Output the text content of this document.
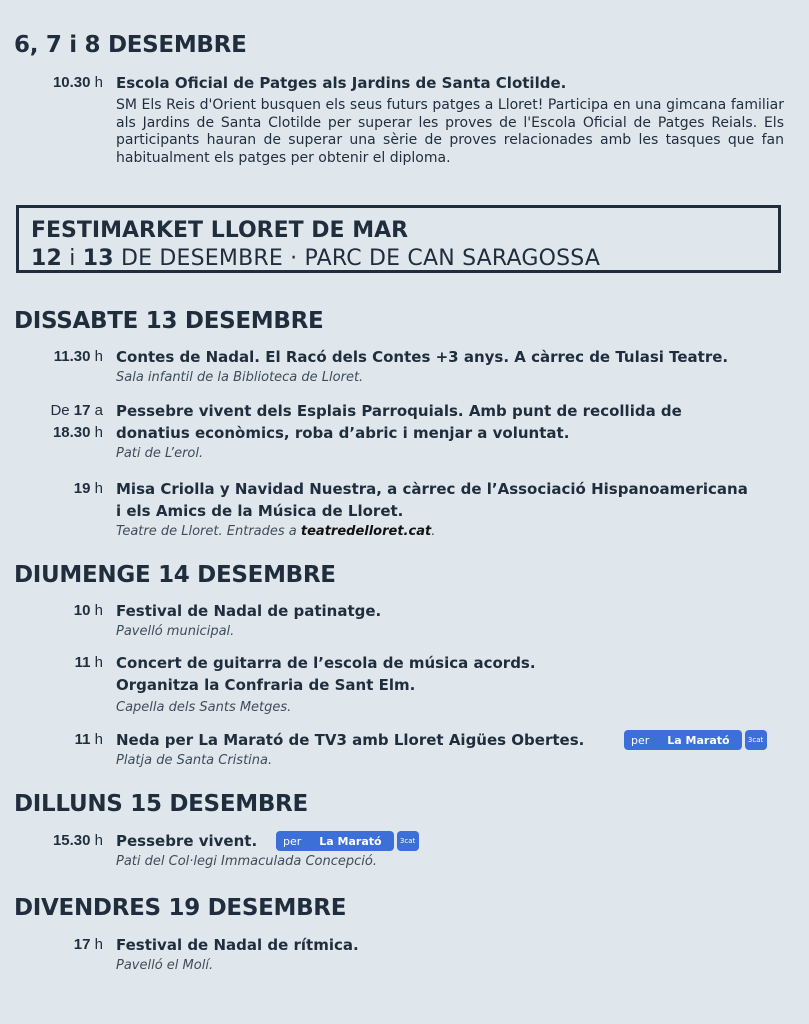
6, 7 i 8 DESEMBRE
10.30 h Escola Oficial de Patges als Jardins de Santa Clotilde.
SM Els Reis d'Orient busquen els seus futurs patges a Lloret! Participa en una gimcana familiar als Jardins de Santa Clotilde per superar les proves de l'Escola Oficial de Patges Reials. Els participants hauran de superar una sèrie de proves relacionades amb les tasques que fan habitualment els patges per obtenir el diploma.
FESTIMARKET LLORET DE MAR
12 i 13 DE DESEMBRE · PARC DE CAN SARAGOSSA
DISSABTE 13 DESEMBRE
11.30 h Contes de Nadal. El Racó dels Contes +3 anys. A càrrec de Tulasi Teatre.
Sala infantil de la Biblioteca de Lloret.
De 17 a
18.30 h
Pessebre vivent dels Esplais Parroquials. Amb punt de recollida de
donatius econòmics, roba d’abric i menjar a voluntat.
Pati de L’erol.
19 h Misa Criolla y Navidad Nuestra, a càrrec de l’Associació Hispanoamericana
i els Amics de la Música de Lloret.
Teatre de Lloret. Entrades a teatredelloret.cat.
DIUMENGE 14 DESEMBRE
10 h Festival de Nadal de patinatge.
Pavelló municipal.
11 h Concert de guitarra de l’escola de música acords.
Organitza la Confraria de Sant Elm.
Capella dels Sants Metges.
11 h Neda per La Marató de TV3 amb Lloret Aigües Obertes.
Platja de Santa Cristina.
per	La Marató	3cat
DILLUNS 15 DESEMBRE
15.30 h Pessebre vivent.
Pati del Col·legi Immaculada Concepció.
per	La Marató	3cat
DIVENDRES 19 DESEMBRE
17 h Festival de Nadal de rítmica.
Pavelló el Molí.
